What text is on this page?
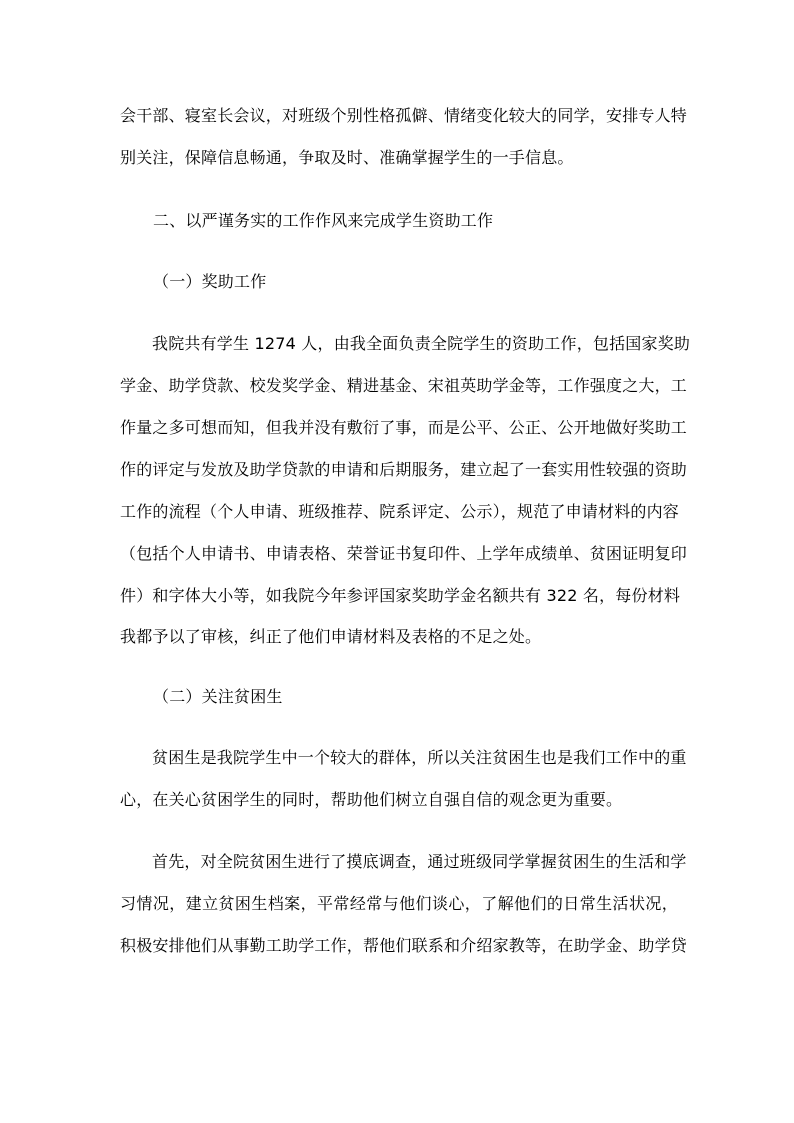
会干部、寝室长会议，对班级个别性格孤僻、情绪变化较大的同学，安排专人特
别关注，保障信息畅通，争取及时、准确掌握学生的一手信息。
二、以严谨务实的工作作风来完成学生资助工作
（一）奖助工作
我院共有学生 1274 人，由我全面负责全院学生的资助工作，包括国家奖助
学金、助学贷款、校发奖学金、精进基金、宋祖英助学金等，工作强度之大，工
作量之多可想而知，但我并没有敷衍了事，而是公平、公正、公开地做好奖助工
作的评定与发放及助学贷款的申请和后期服务，建立起了一套实用性较强的资助
工作的流程（个人申请、班级推荐、院系评定、公示），规范了申请材料的内容
（包括个人申请书、申请表格、荣誉证书复印件、上学年成绩单、贫困证明复印
件）和字体大小等，如我院今年参评国家奖助学金名额共有 322 名，每份材料
我都予以了审核，纠正了他们申请材料及表格的不足之处。
（二）关注贫困生
贫困生是我院学生中一个较大的群体，所以关注贫困生也是我们工作中的重
心，在关心贫困学生的同时，帮助他们树立自强自信的观念更为重要。
首先，对全院贫困生进行了摸底调查，通过班级同学掌握贫困生的生活和学
习情况，建立贫困生档案，平常经常与他们谈心，了解他们的日常生活状况，
积极安排他们从事勤工助学工作，帮他们联系和介绍家教等，在助学金、助学贷
